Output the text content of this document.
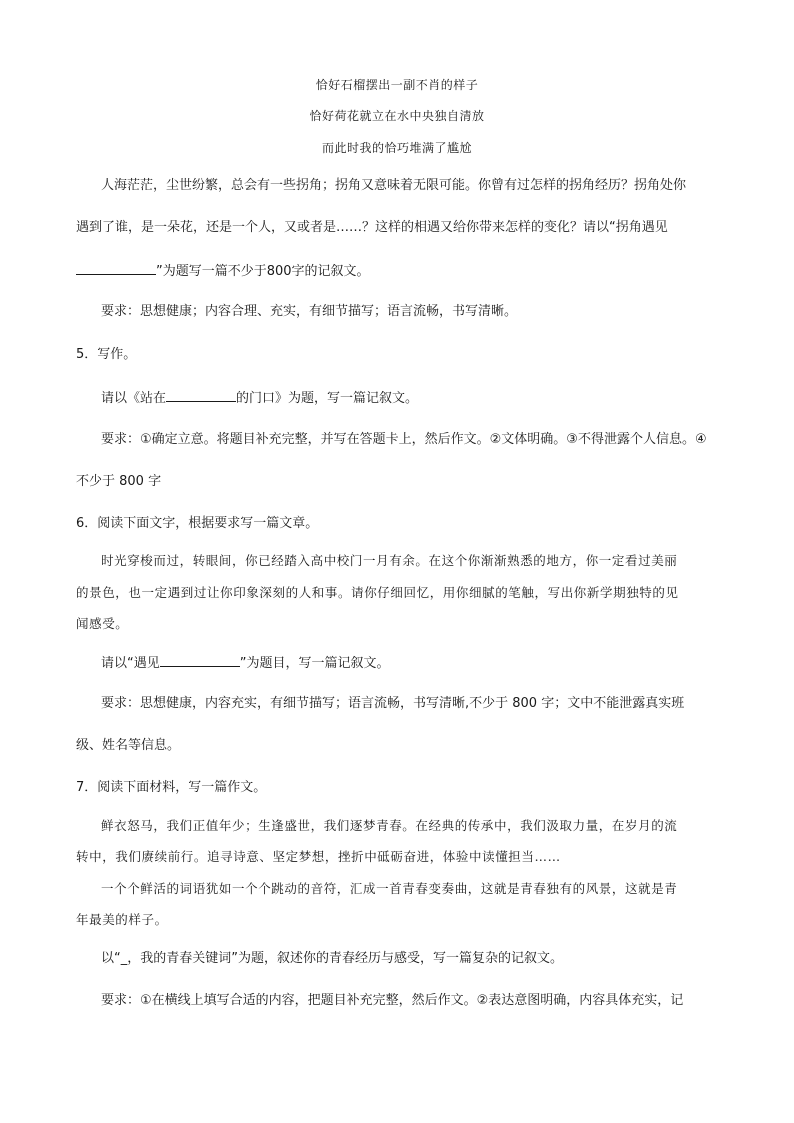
恰好石榴摆出一副不肖的样子
恰好荷花就立在水中央独自清放
而此时我的恰巧堆满了尴尬
人海茫茫，尘世纷繁，总会有一些拐角；拐角又意味着无限可能。你曾有过怎样的拐角经历？拐角处你
遇到了谁，是一朵花，还是一个人，又或者是……？这样的相遇又给你带来怎样的变化？请以“拐角遇见
”为题写一篇不少于800字的记叙文。
要求：思想健康；内容合理、充实，有细节描写；语言流畅，书写清晰。
5．写作。
请以《站在	的门口》为题，写一篇记叙文。
要求：①确定立意。将题目补充完整，并写在答题卡上，然后作文。②文体明确。③不得泄露个人信息。④
不少于 800 字
6．阅读下面文字，根据要求写一篇文章。
时光穿梭而过，转眼间，你已经踏入高中校门一月有余。在这个你渐渐熟悉的地方，你一定看过美丽
的景色，也一定遇到过让你印象深刻的人和事。请你仔细回忆，用你细腻的笔触，写出你新学期独特的见
闻感受。
请以“遇见	”为题目，写一篇记叙文。
要求：思想健康，内容充实，有细节描写；语言流畅，书写清晰,不少于 800 字；文中不能泄露真实班
级、姓名等信息。
7．阅读下面材料，写一篇作文。
鲜衣怒马，我们正值年少；生逢盛世，我们逐梦青春。在经典的传承中，我们汲取力量，在岁月的流
转中，我们赓续前行。追寻诗意、坚定梦想，挫折中砥砺奋进，体验中读懂担当……
一个个鲜活的词语犹如一个个跳动的音符，汇成一首青春变奏曲，这就是青春独有的风景，这就是青
年最美的样子。
以“_，我的青春关键词”为题，叙述你的青春经历与感受，写一篇复杂的记叙文。
要求：①在横线上填写合适的内容，把题目补充完整，然后作文。②表达意图明确，内容具体充实，记
